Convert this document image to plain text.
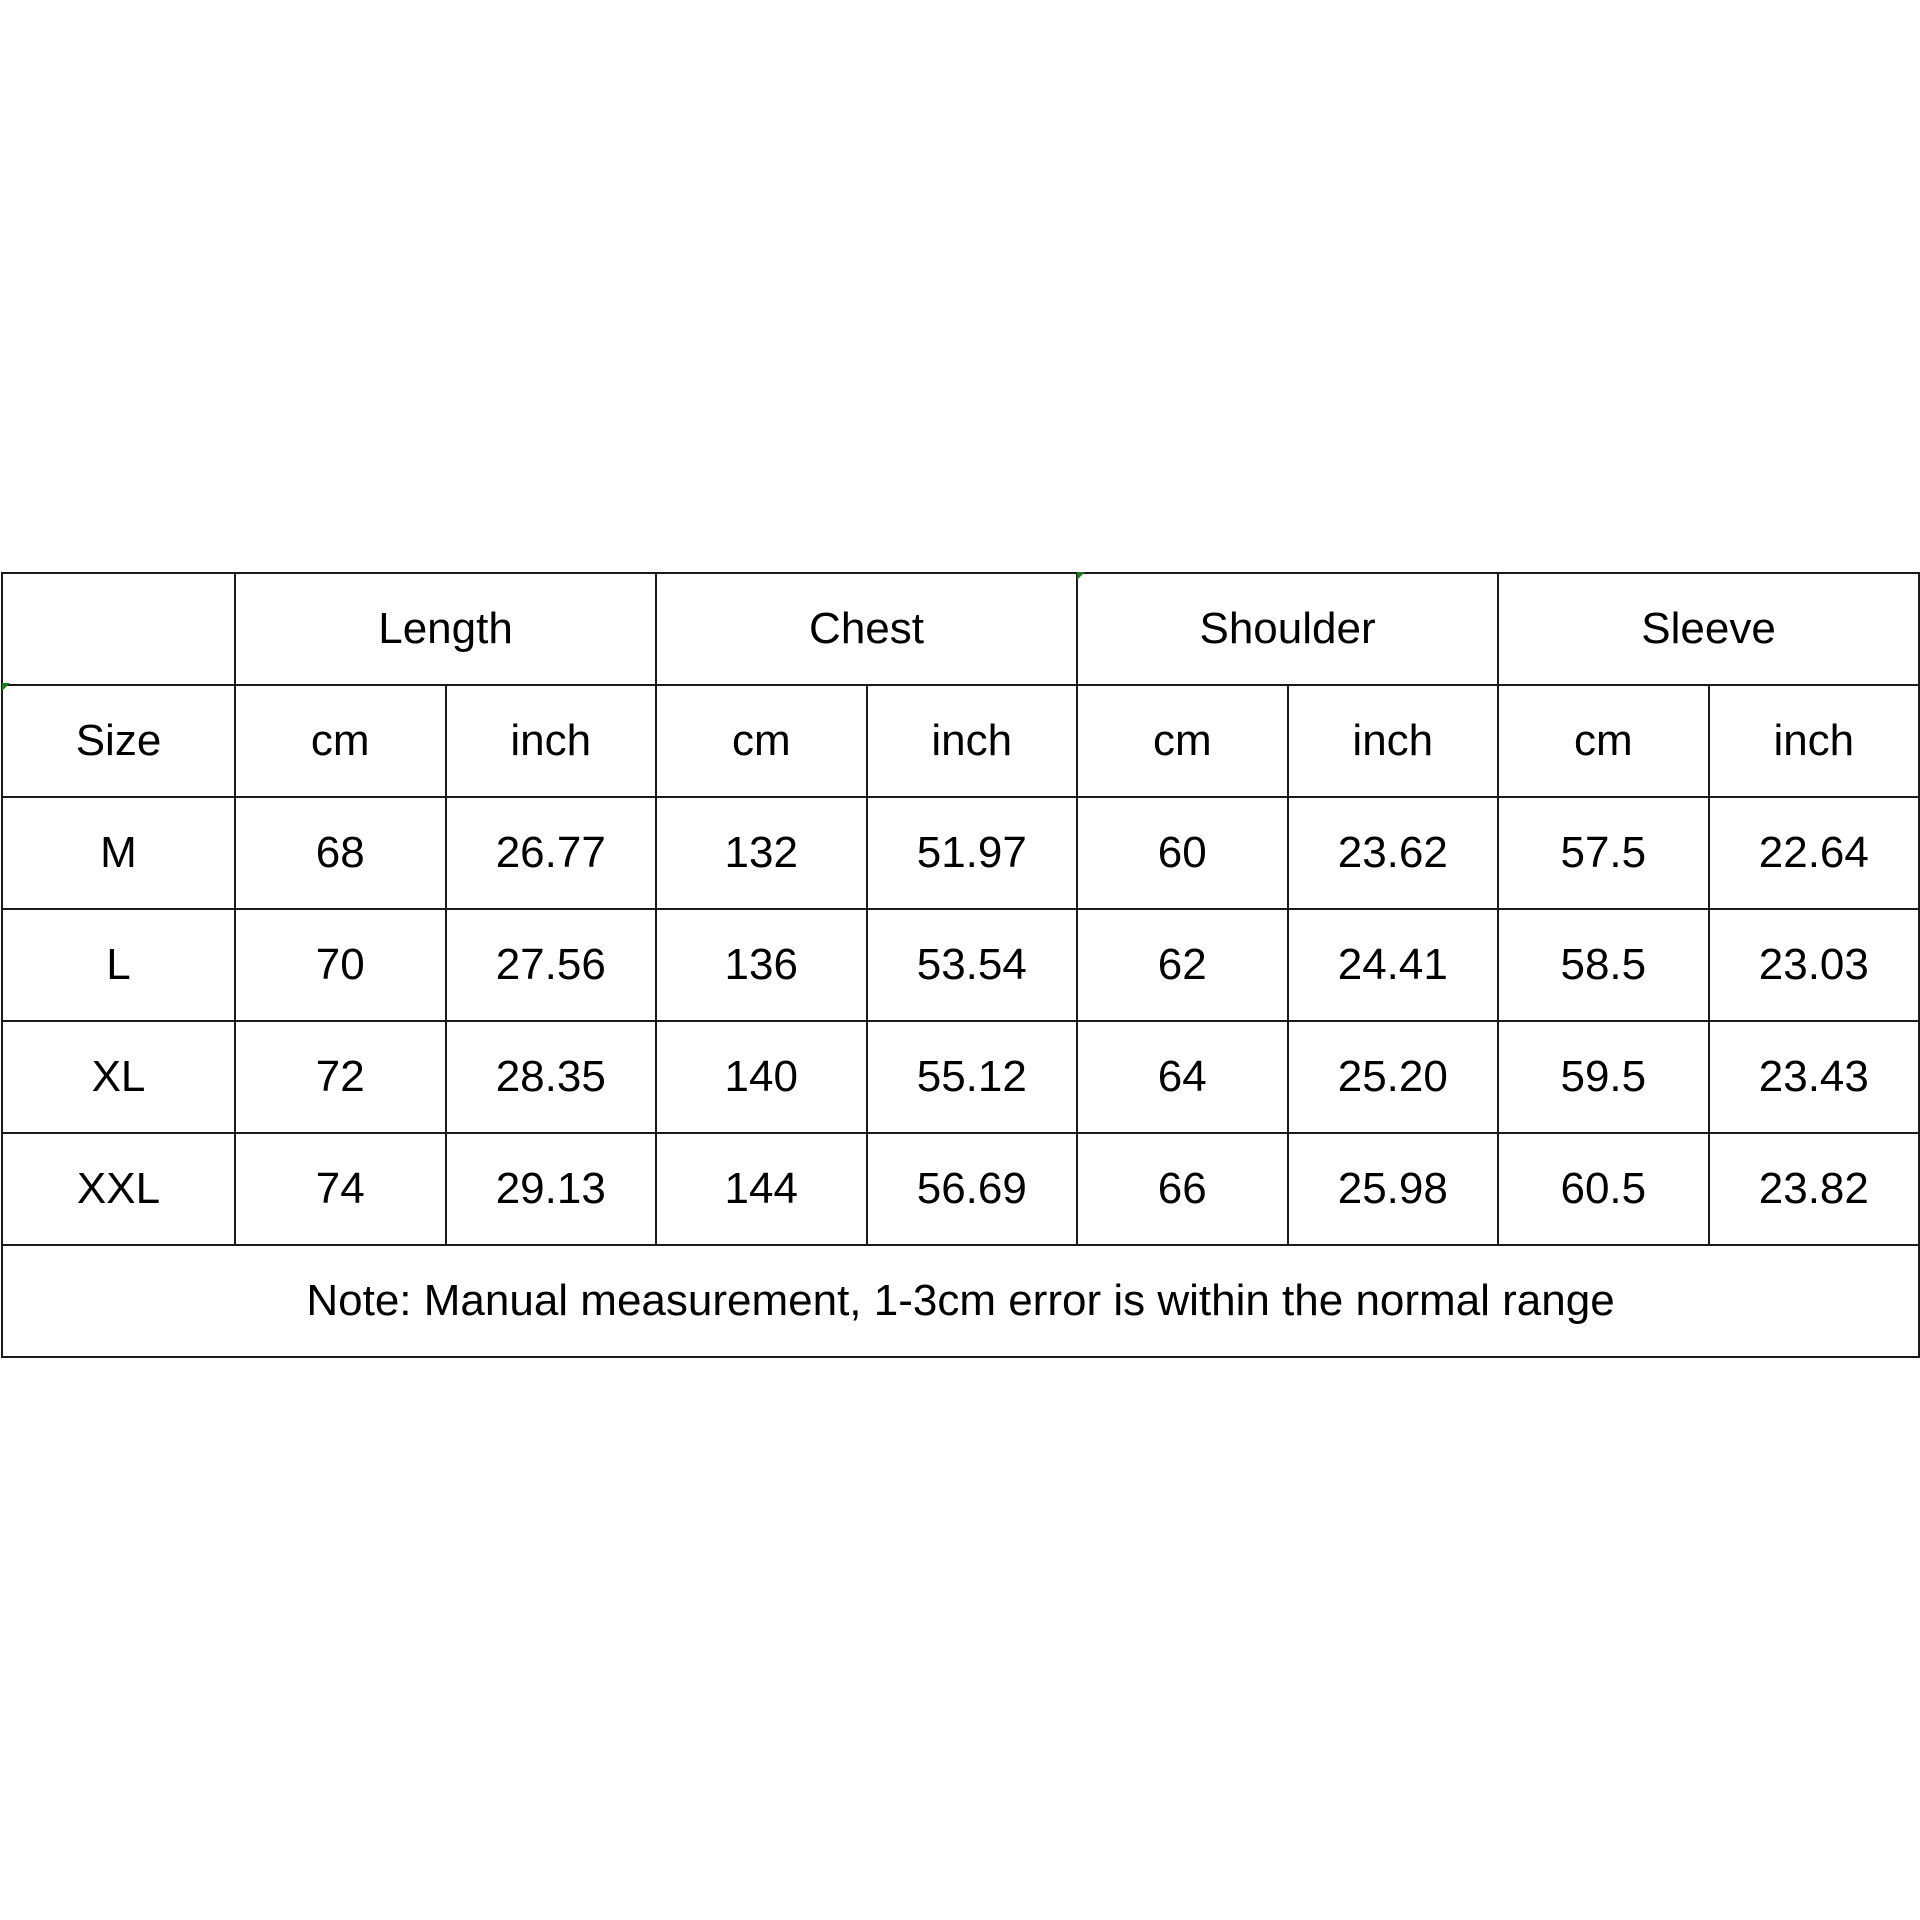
	Length		Chest		Shoulder		Sleeve	
Size	cm	inch	cm	inch	cm	inch	cm	inch
M	68	26.77	132	51.97	60	23.62	57.5	22.64
L	70	27.56	136	53.54	62	24.41	58.5	23.03
XL	72	28.35	140	55.12	64	25.20	59.5	23.43
XXL	74	29.13	144	56.69	66	25.98	60.5	23.82
Note: Manual measurement, 1-3cm error is within the normal range								
